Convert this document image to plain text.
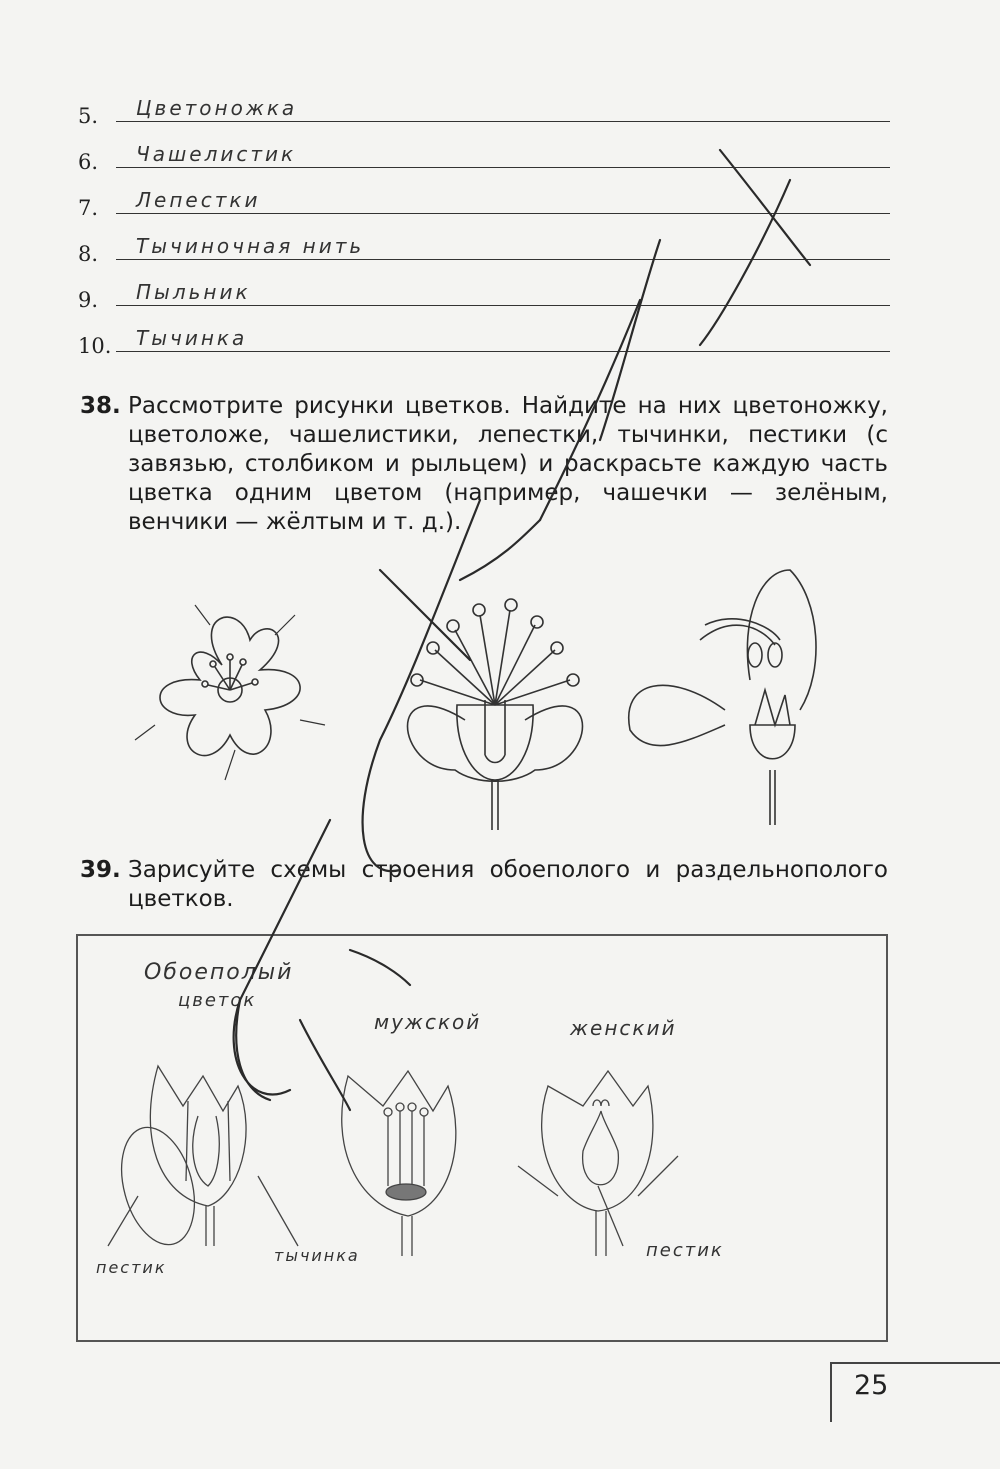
5. Цветоножка
6. Чашелистик
7. Лепестки
8. Тычиночная нить
9. Пыльник
10. Тычинка
38. Рассмотрите рисунки цветков. Найдите на них цветоножку, цветоложе, чашелистики, лепестки, тычинки, пестики (с завязью, столбиком и рыльцем) и раскрасьте каждую часть цветка одним цветом (например, чашечки — зелёным, венчики — жёлтым и т. д.).
39. Зарисуйте схемы строения обоеполого и раздельнополого цветков.
Обоеполый
цветок
мужской	женский
пестик
тычинка	пестик
25
